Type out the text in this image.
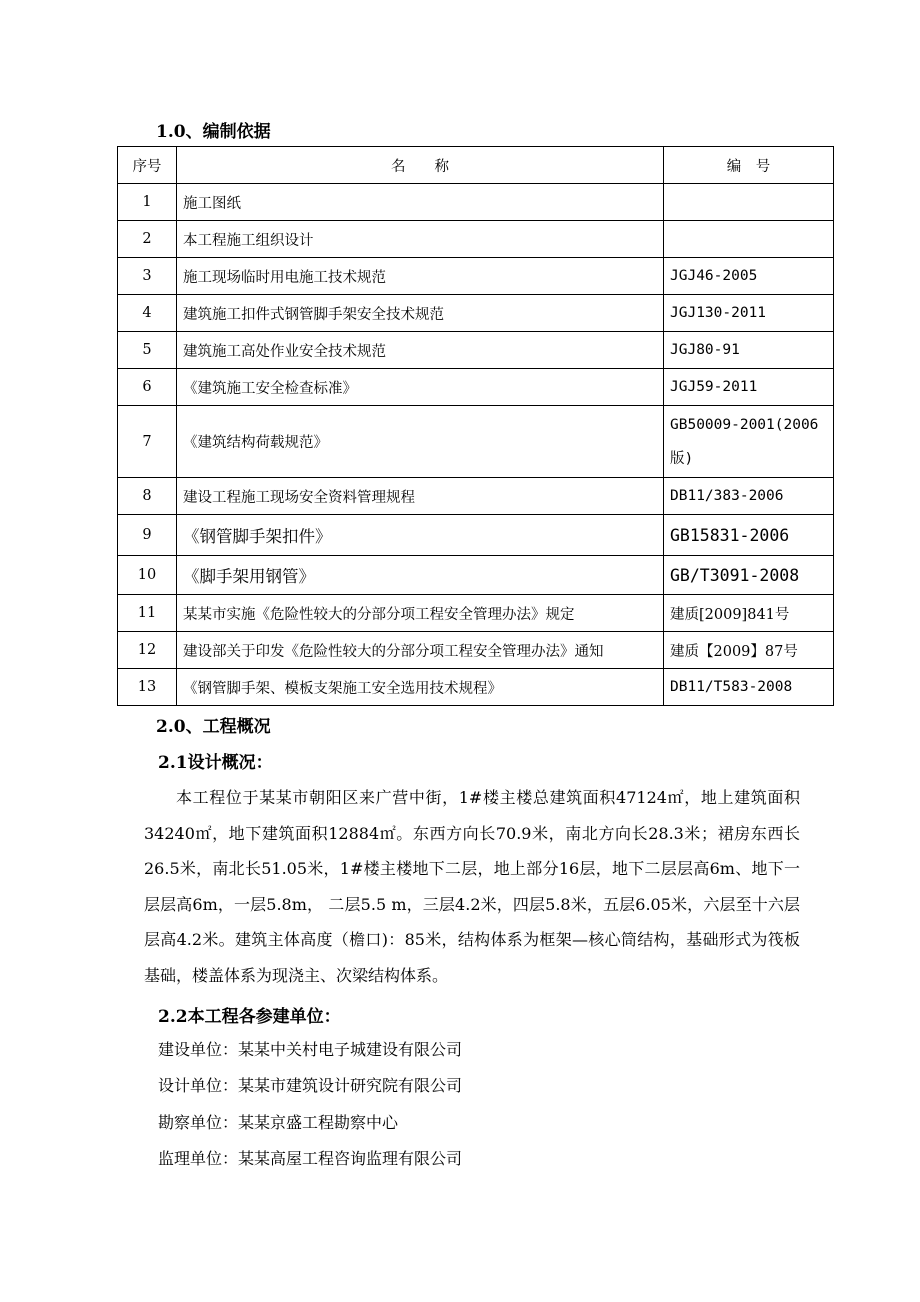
1.0、编制依据
序号	名　　称	编　号
1	施工图纸	
2	本工程施工组织设计	
3	施工现场临时用电施工技术规范	JGJ46-2005
4	建筑施工扣件式钢管脚手架安全技术规范	JGJ130-2011
5	建筑施工高处作业安全技术规范	JGJ80-91
6	《建筑施工安全检查标准》	JGJ59-2011
7	《建筑结构荷载规范》	GB50009-2001(2006版)
8	建设工程施工现场安全资料管理规程	DB11/383-2006
9	《钢管脚手架扣件》	GB15831-2006
10	《脚手架用钢管》	GB/T3091-2008
11	某某市实施《危险性较大的分部分项工程安全管理办法》规定	建质[2009]841号
12	建设部关于印发《危险性较大的分部分项工程安全管理办法》通知	建质【2009】87号
13	《钢管脚手架、模板支架施工安全选用技术规程》	DB11/T583-2008
2.0、工程概况
2.1设计概况：
本工程位于某某市朝阳区来广营中街，1#楼主楼总建筑面积47124㎡，地上建筑面积34240㎡，地下建筑面积12884㎡。东西方向长70.9米，南北方向长28.3米；裙房东西长26.5米，南北长51.05米，1#楼主楼地下二层，地上部分16层，地下二层层高6m、地下一层层高6m，一层5.8m， 二层5.5 m，三层4.2米，四层5.8米，五层6.05米，六层至十六层层高4.2米。建筑主体高度（檐口)：85米，结构体系为框架—核心筒结构，基础形式为筏板基础，楼盖体系为现浇主、次梁结构体系。
2.2本工程各参建单位：
建设单位：某某中关村电子城建设有限公司
设计单位：某某市建筑设计研究院有限公司
勘察单位：某某京盛工程勘察中心
监理单位：某某高屋工程咨询监理有限公司
